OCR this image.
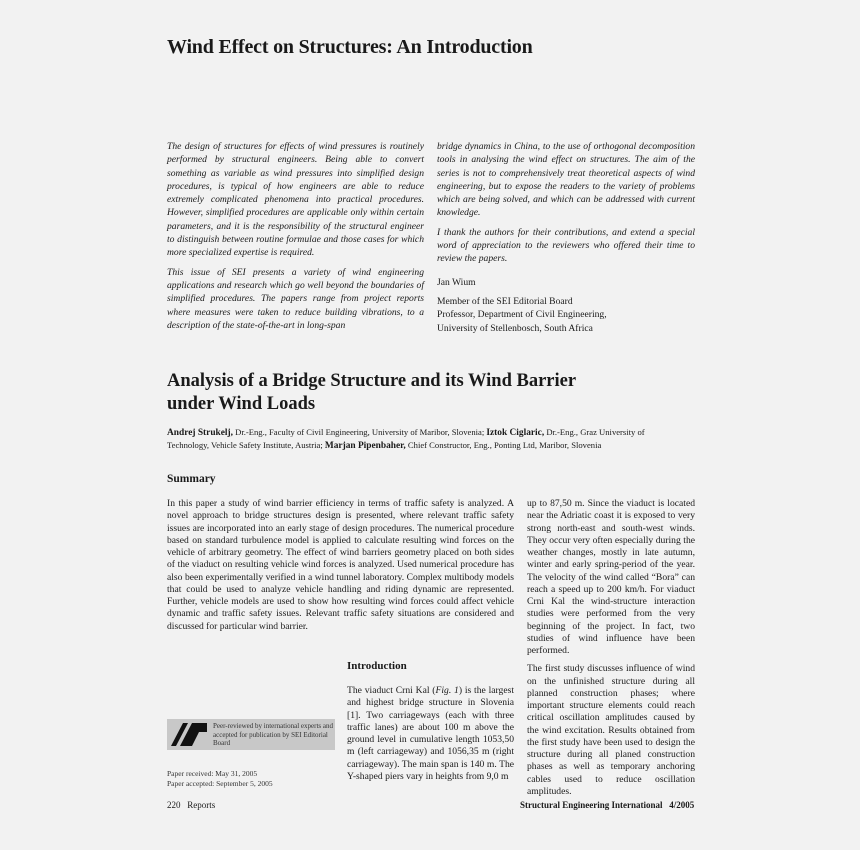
Wind Effect on Structures: An Introduction

The design of structures for effects of wind pressures is routinely performed by structural engineers. Being able to convert something as variable as wind pressures into simplified design procedures, is typical of how engineers are able to reduce extremely complicated phenomena into practical procedures. However, simplified procedures are applicable only within certain parameters, and it is the responsibility of the structural engineer to distinguish between routine formulae and those cases for which more specialized expertise is required.

This issue of SEI presents a variety of wind engineering applications and research which go well beyond the boundaries of simplified procedures. The papers range from project reports where measures were taken to reduce building vibrations, to a description of the state-of-the-art in long-span

bridge dynamics in China, to the use of orthogonal decomposition tools in analysing the wind effect on structures. The aim of the series is not to comprehensively treat theoretical aspects of wind engineering, but to expose the readers to the variety of problems which are being solved, and which can be addressed with current knowledge.

I thank the authors for their contributions, and extend a special word of appreciation to the reviewers who offered their time to review the papers.

Jan Wium

Member of the SEI Editorial Board
Professor, Department of Civil Engineering,
University of Stellenbosch, South Africa
Analysis of a Bridge Structure and its Wind Barrier
under Wind Loads
Andrej Strukelj, Dr.-Eng., Faculty of Civil Engineering, University of Maribor, Slovenia; Iztok Ciglaric, Dr.-Eng., Graz University of Technology, Vehicle Safety Institute, Austria; Marjan Pipenbaher, Chief Constructor, Eng., Ponting Ltd, Maribor, Slovenia
Summary
In this paper a study of wind barrier efficiency in terms of traffic safety is analyzed. A novel approach to bridge structures design is presented, where relevant traffic safety issues are incorporated into an early stage of design procedures. The numerical procedure based on standard turbulence model is applied to calculate resulting wind forces on the vehicle of arbitrary geometry. The effect of wind barriers geometry placed on both sides of the viaduct on resulting vehicle wind forces is analyzed. Used numerical procedure has also been experimentally verified in a wind tunnel laboratory. Complex multibody models that could be used to analyze vehicle handling and riding dynamic are represented. Further, vehicle models are used to show how resulting wind forces could affect vehicle dynamic and traffic safety issues. Relevant traffic safety situations are considered and discussed for particular wind barrier.
Introduction
The viaduct Crni Kal (Fig. 1) is the largest and highest bridge structure in Slovenia [1]. Two carriageways (each with three traffic lanes) are about 100 m above the ground level in cumulative length 1053,50 m (left carriageway) and 1056,35 m (right carriageway). The main span is 140 m. The Y-shaped piers vary in heights from 9,0 m

up to 87,50 m. Since the viaduct is located near the Adriatic coast it is exposed to very strong north-east and south-west winds. They occur very often especially during the weather changes, mostly in late autumn, winter and early spring-period of the year. The velocity of the wind called “Bora” can reach a speed up to 200 km/h. For viaduct Crni Kal the wind-structure interaction studies were performed from the very beginning of the project. In fact, two studies of wind influence have been performed.

The first study discusses influence of wind on the unfinished structure during all planned construction phases; where important structure elements could reach critical oscillation amplitudes caused by the wind excitation. Results obtained from the first study have been used to design the structure during all planed construction phases as well as temporary anchoring cables used to reduce oscillation amplitudes.

Peer-reviewed by international experts and accepted for publication by SEI Editorial Board
Paper received: May 31, 2005
Paper accepted: September 5, 2005
220   Reports	Structural Engineering International   4/2005
